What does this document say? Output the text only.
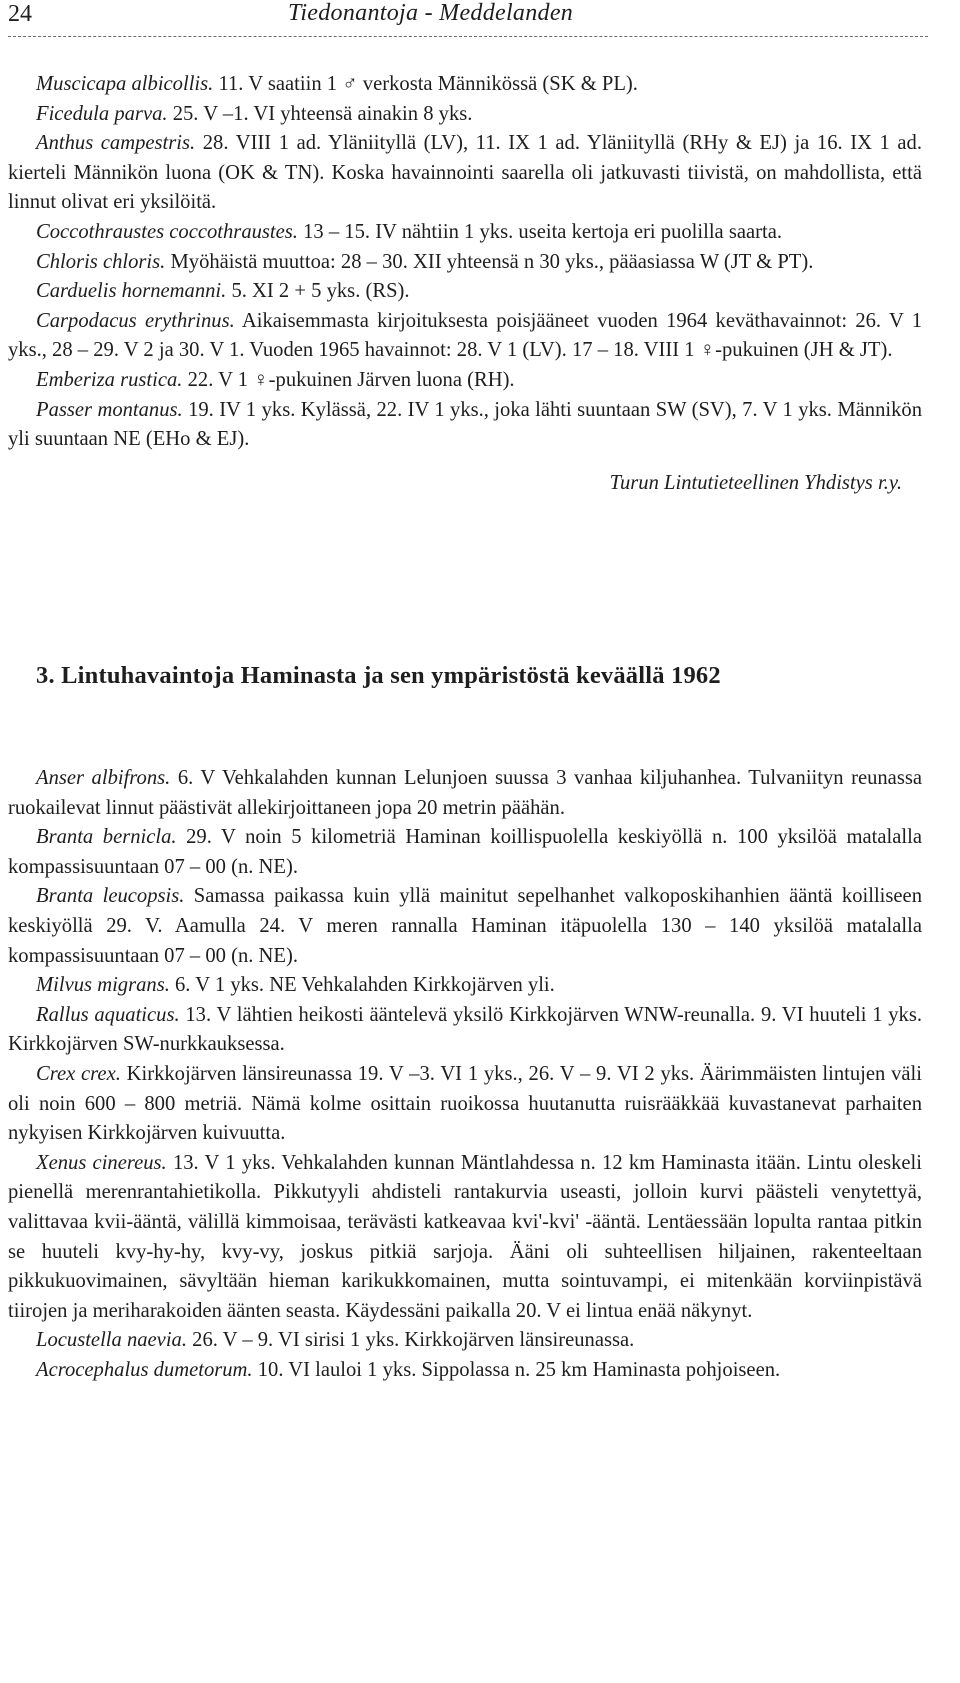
24	Tiedonantoja - Meddelanden

Muscicapa albicollis. 11. V saatiin 1 ♂ verkosta Männikössä (SK & PL).

Ficedula parva. 25. V –1. VI yhteensä ainakin 8 yks.

Anthus campestris. 28. VIII 1 ad. Yläniityllä (LV), 11. IX 1 ad. Yläniityllä (RHy & EJ) ja 16. IX 1 ad. kierteli Männikön luona (OK & TN). Koska havainnointi saarella oli jatkuvasti tiivistä, on mahdollista, että linnut olivat eri yksilöitä.

Coccothraustes coccothraustes. 13 – 15. IV nähtiin 1 yks. useita kertoja eri puolilla saarta.

Chloris chloris. Myöhäistä muuttoa: 28 – 30. XII yhteensä n 30 yks., pääasiassa W (JT & PT).

Carduelis hornemanni. 5. XI 2 + 5 yks. (RS).

Carpodacus erythrinus. Aikaisemmasta kirjoituksesta poisjääneet vuoden 1964 keväthavainnot: 26. V 1 yks., 28 – 29. V 2 ja 30. V 1. Vuoden 1965 havainnot: 28. V 1 (LV). 17 – 18. VIII 1 ♀-pukuinen (JH & JT).

Emberiza rustica. 22. V 1 ♀-pukuinen Järven luona (RH).

Passer montanus. 19. IV 1 yks. Kylässä, 22. IV 1 yks., joka lähti suuntaan SW (SV), 7. V 1 yks. Männikön yli suuntaan NE (EHo & EJ).

Turun Lintutieteellinen Yhdistys r.y.
3. Lintuhavaintoja Haminasta ja sen ympäristöstä keväällä 1962

Anser albifrons. 6. V Vehkalahden kunnan Lelunjoen suussa 3 vanhaa kiljuhanhea. Tulvaniityn reunassa ruokailevat linnut päästivät allekirjoittaneen jopa 20 metrin päähän.

Branta bernicla. 29. V noin 5 kilometriä Haminan koillispuolella keskiyöllä n. 100 yksilöä matalalla kompassisuuntaan 07 – 00 (n. NE).

Branta leucopsis. Samassa paikassa kuin yllä mainitut sepelhanhet valkoposkihanhien ääntä koilliseen keskiyöllä 29. V. Aamulla 24. V meren rannalla Haminan itäpuolella 130 – 140 yksilöä matalalla kompassisuuntaan 07 – 00 (n. NE).

Milvus migrans. 6. V 1 yks. NE Vehkalahden Kirkkojärven yli.

Rallus aquaticus. 13. V lähtien heikosti ääntelevä yksilö Kirkkojärven WNW-reunalla. 9. VI huuteli 1 yks. Kirkkojärven SW-nurkkauksessa.

Crex crex. Kirkkojärven länsireunassa 19. V –3. VI 1 yks., 26. V – 9. VI 2 yks. Äärimmäisten lintujen väli oli noin 600 – 800 metriä. Nämä kolme osittain ruoikossa huutanutta ruisrääkkää kuvastanevat parhaiten nykyisen Kirkkojärven kuivuutta.

Xenus cinereus. 13. V 1 yks. Vehkalahden kunnan Mäntlahdessa n. 12 km Haminasta itään. Lintu oleskeli pienellä merenrantahietikolla. Pikkutyyli ahdisteli rantakurvia useasti, jolloin kurvi päästeli venytettyä, valittavaa kvii-ääntä, välillä kimmoisaa, terävästi katkeavaa kvi'-kvi' -ääntä. Lentäessään lopulta rantaa pitkin se huuteli kvy-hy-hy, kvy-vy, joskus pitkiä sarjoja. Ääni oli suhteellisen hiljainen, rakenteeltaan pikkukuovimainen, sävyltään hieman karikukkomainen, mutta sointuvampi, ei mitenkään korviinpistävä tiirojen ja meriharakoiden äänten seasta. Käydessäni paikalla 20. V ei lintua enää näkynyt.

Locustella naevia. 26. V – 9. VI sirisi 1 yks. Kirkkojärven länsireunassa.

Acrocephalus dumetorum. 10. VI lauloi 1 yks. Sippolassa n. 25 km Haminasta pohjoiseen.
